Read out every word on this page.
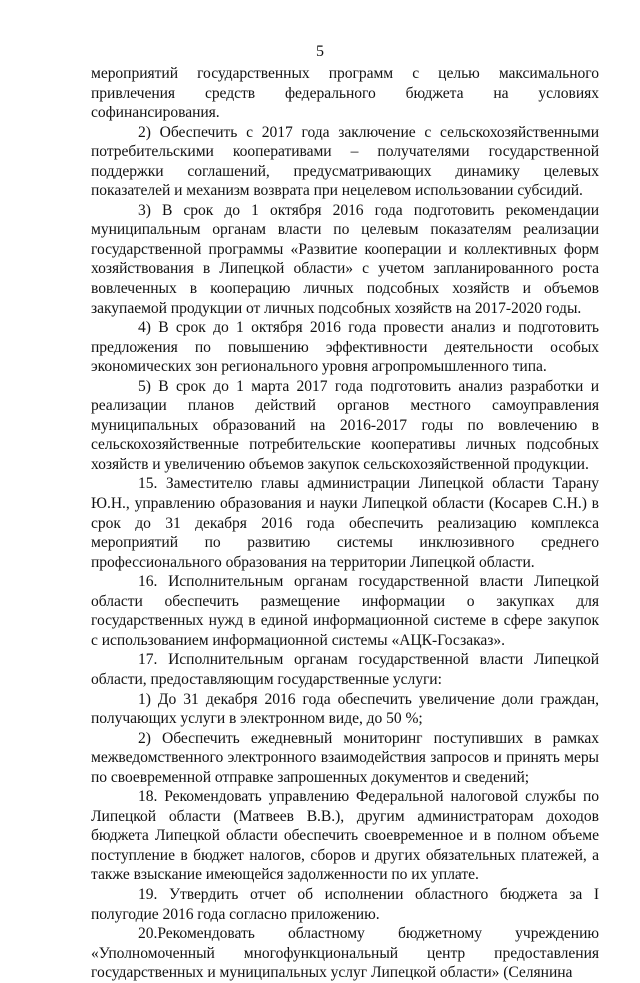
5

мероприятий государственных программ с целью максимального привлечения средств федерального бюджета на условиях софинансирования.

2) Обеспечить с 2017 года заключение с сельскохозяйственными потребительскими кооперативами – получателями государственной поддержки соглашений, предусматривающих динамику целевых показателей и механизм возврата при нецелевом использовании субсидий.

3) В срок до 1 октября 2016 года подготовить рекомендации муниципальным органам власти по целевым показателям реализации государственной программы «Развитие кооперации и коллективных форм хозяйствования в Липецкой области» с учетом запланированного роста вовлеченных в кооперацию личных подсобных хозяйств и объемов закупаемой продукции от личных подсобных хозяйств на 2017-2020 годы.

4) В срок до 1 октября 2016 года провести анализ и подготовить предложения по повышению эффективности деятельности особых экономических зон регионального уровня агропромышленного типа.

5) В срок до 1 марта 2017 года подготовить анализ разработки и реализации планов действий органов местного самоуправления муниципальных образований на 2016-2017 годы по вовлечению в сельскохозяйственные потребительские кооперативы личных подсобных хозяйств и увеличению объемов закупок сельскохозяйственной продукции.

15. Заместителю главы администрации Липецкой области Тарану Ю.Н., управлению образования и науки Липецкой области (Косарев С.Н.) в срок до 31 декабря 2016 года обеспечить реализацию комплекса мероприятий по развитию системы инклюзивного среднего профессионального образования на территории Липецкой области.

16. Исполнительным органам государственной власти Липецкой области обеспечить размещение информации о закупках для государственных нужд в единой информационной системе в сфере закупок с использованием информационной системы «АЦК-Госзаказ».

17. Исполнительным органам государственной власти Липецкой области, предоставляющим государственные услуги:

1) До 31 декабря 2016 года обеспечить увеличение доли граждан, получающих услуги в электронном виде, до 50 %;

2) Обеспечить ежедневный мониторинг поступивших в рамках межведомственного электронного взаимодействия запросов и принять меры по своевременной отправке запрошенных документов и сведений;

18. Рекомендовать управлению Федеральной налоговой службы по Липецкой области (Матвеев В.В.), другим администраторам доходов бюджета Липецкой области обеспечить своевременное и в полном объеме поступление в бюджет налогов, сборов и других обязательных платежей, а также взыскание имеющейся задолженности по их уплате.

19. Утвердить отчет об исполнении областного бюджета за I полугодие 2016 года согласно приложению.

20.Рекомендовать областному бюджетному учреждению «Уполномоченный многофункциональный центр предоставления государственных и муниципальных услуг Липецкой области» (Селянина
